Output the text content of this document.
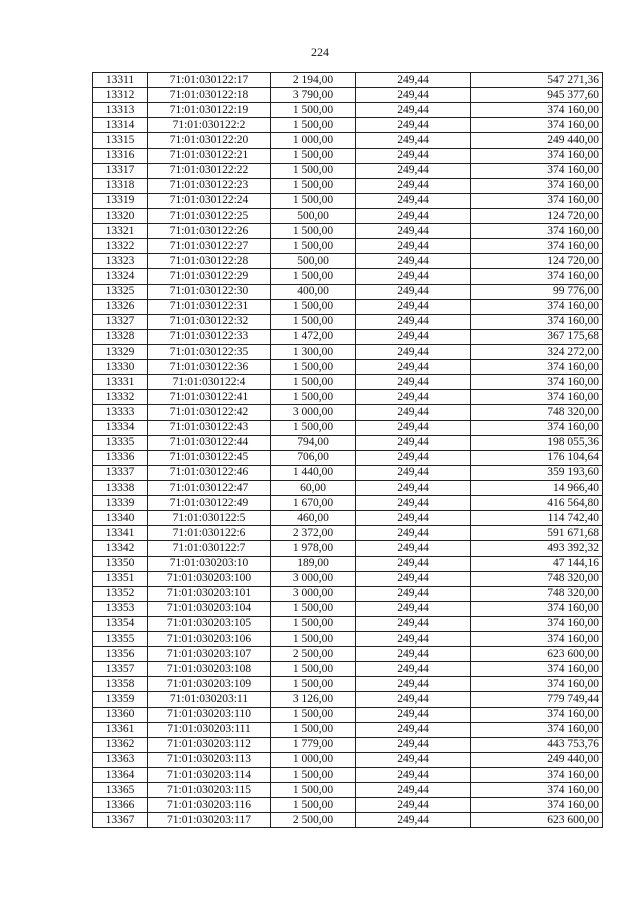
224
13311	71:01:030122:17	2 194,00	249,44	547 271,36
13312	71:01:030122:18	3 790,00	249,44	945 377,60
13313	71:01:030122:19	1 500,00	249,44	374 160,00
13314	71:01:030122:2	1 500,00	249,44	374 160,00
13315	71:01:030122:20	1 000,00	249,44	249 440,00
13316	71:01:030122:21	1 500,00	249,44	374 160,00
13317	71:01:030122:22	1 500,00	249,44	374 160,00
13318	71:01:030122:23	1 500,00	249,44	374 160,00
13319	71:01:030122:24	1 500,00	249,44	374 160,00
13320	71:01:030122:25	500,00	249,44	124 720,00
13321	71:01:030122:26	1 500,00	249,44	374 160,00
13322	71:01:030122:27	1 500,00	249,44	374 160,00
13323	71:01:030122:28	500,00	249,44	124 720,00
13324	71:01:030122:29	1 500,00	249,44	374 160,00
13325	71:01:030122:30	400,00	249,44	99 776,00
13326	71:01:030122:31	1 500,00	249,44	374 160,00
13327	71:01:030122:32	1 500,00	249,44	374 160,00
13328	71:01:030122:33	1 472,00	249,44	367 175,68
13329	71:01:030122:35	1 300,00	249,44	324 272,00
13330	71:01:030122:36	1 500,00	249,44	374 160,00
13331	71:01:030122:4	1 500,00	249,44	374 160,00
13332	71:01:030122:41	1 500,00	249,44	374 160,00
13333	71:01:030122:42	3 000,00	249,44	748 320,00
13334	71:01:030122:43	1 500,00	249,44	374 160,00
13335	71:01:030122:44	794,00	249,44	198 055,36
13336	71:01:030122:45	706,00	249,44	176 104,64
13337	71:01:030122:46	1 440,00	249,44	359 193,60
13338	71:01:030122:47	60,00	249,44	14 966,40
13339	71:01:030122:49	1 670,00	249,44	416 564,80
13340	71:01:030122:5	460,00	249,44	114 742,40
13341	71:01:030122:6	2 372,00	249,44	591 671,68
13342	71:01:030122:7	1 978,00	249,44	493 392,32
13350	71:01:030203:10	189,00	249,44	47 144,16
13351	71:01:030203:100	3 000,00	249,44	748 320,00
13352	71:01:030203:101	3 000,00	249,44	748 320,00
13353	71:01:030203:104	1 500,00	249,44	374 160,00
13354	71:01:030203:105	1 500,00	249,44	374 160,00
13355	71:01:030203:106	1 500,00	249,44	374 160,00
13356	71:01:030203:107	2 500,00	249,44	623 600,00
13357	71:01:030203:108	1 500,00	249,44	374 160,00
13358	71:01:030203:109	1 500,00	249,44	374 160,00
13359	71:01:030203:11	3 126,00	249,44	779 749,44
13360	71:01:030203:110	1 500,00	249,44	374 160,00
13361	71:01:030203:111	1 500,00	249,44	374 160,00
13362	71:01:030203:112	1 779,00	249,44	443 753,76
13363	71:01:030203:113	1 000,00	249,44	249 440,00
13364	71:01:030203:114	1 500,00	249,44	374 160,00
13365	71:01:030203:115	1 500,00	249,44	374 160,00
13366	71:01:030203:116	1 500,00	249,44	374 160,00
13367	71:01:030203:117	2 500,00	249,44	623 600,00
